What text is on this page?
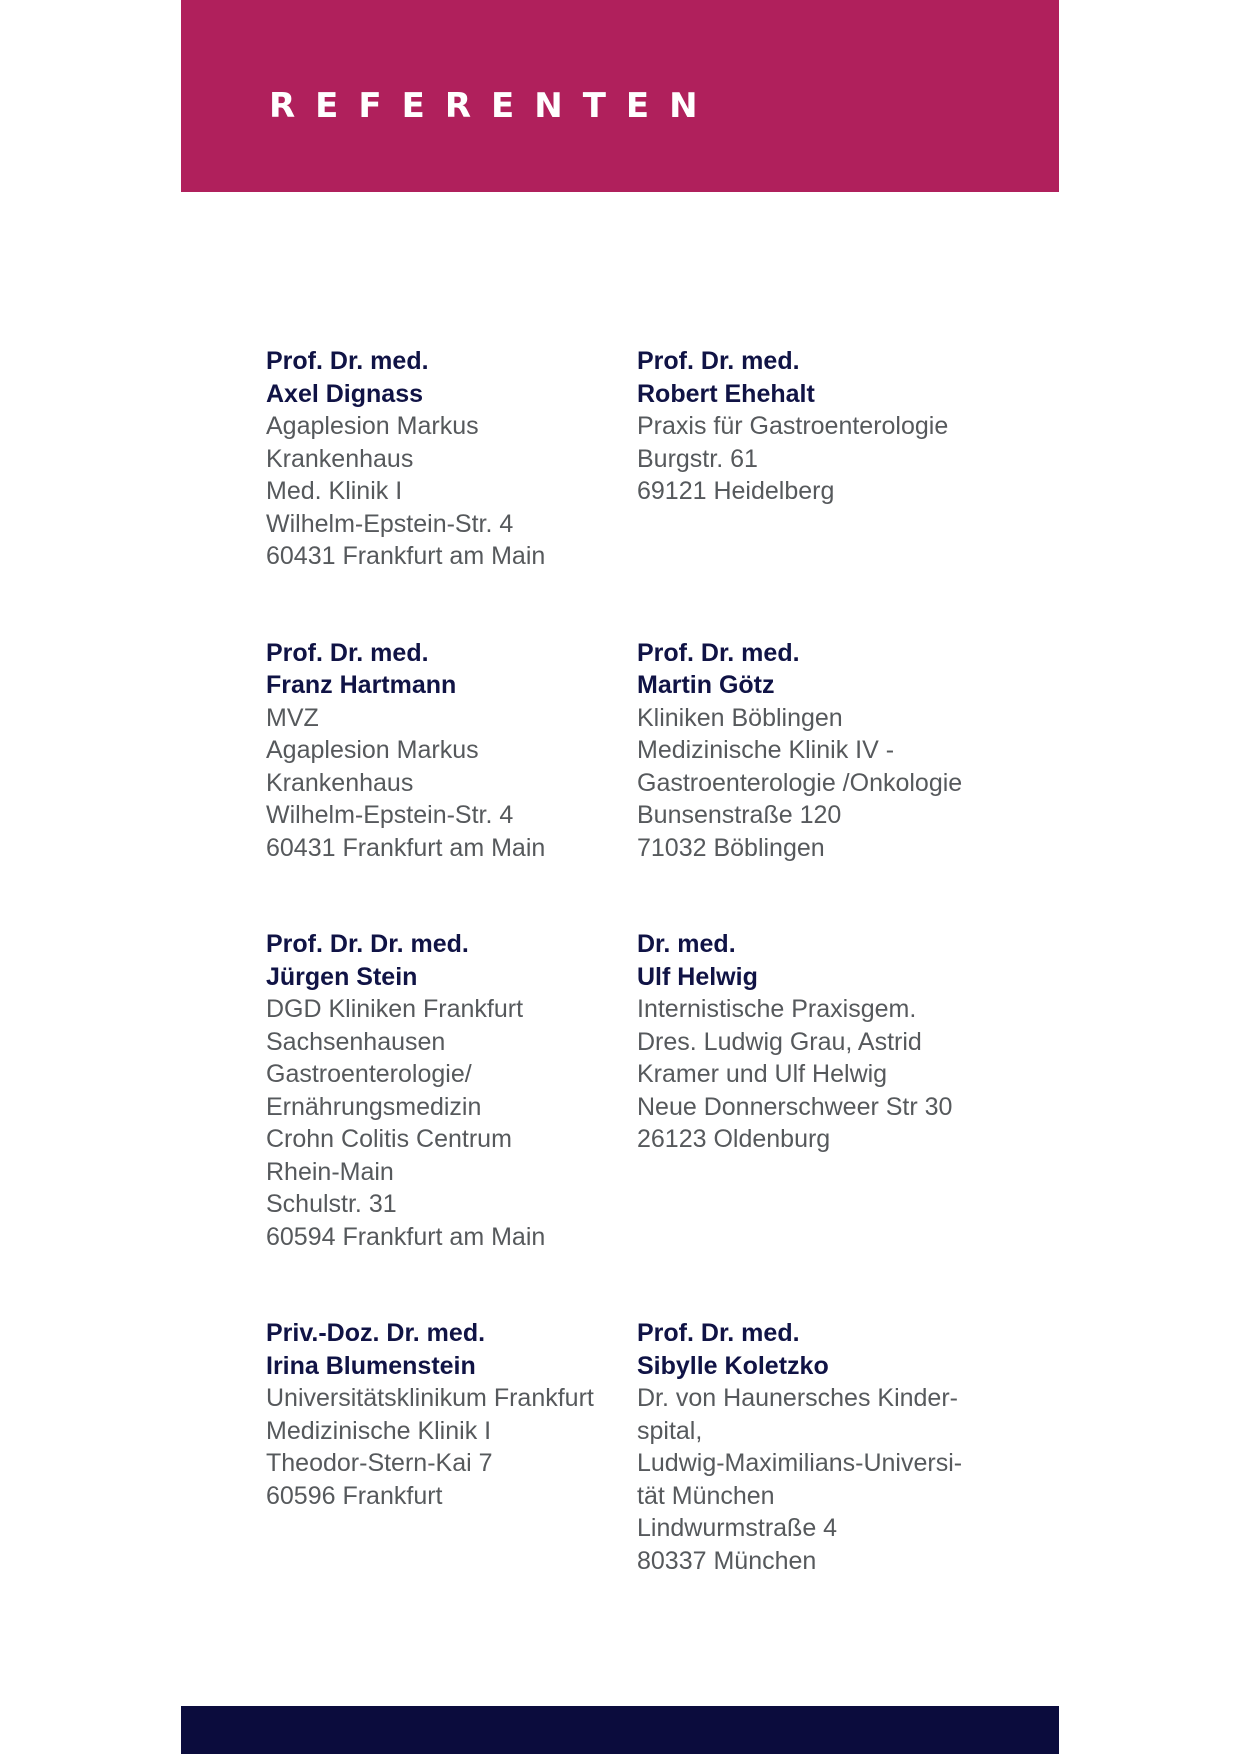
REFERENTEN
Prof. Dr. med.
Axel Dignass
Agaplesion Markus
Krankenhaus
Med. Klinik I
Wilhelm-Epstein-Str. 4
60431 Frankfurt am Main
Prof. Dr. med.
Robert Ehehalt
Praxis für Gastroenterologie
Burgstr. 61
69121 Heidelberg
Prof. Dr. med.
Franz Hartmann
MVZ
Agaplesion Markus
Krankenhaus
Wilhelm-Epstein-Str. 4
60431 Frankfurt am Main
Prof. Dr. med.
Martin Götz
Kliniken Böblingen
Medizinische Klinik IV -
Gastroenterologie /Onkologie
Bunsenstraße 120
71032 Böblingen
Prof. Dr. Dr. med.
Jürgen Stein
DGD Kliniken Frankfurt
Sachsenhausen
Gastroenterologie/
Ernährungsmedizin
Crohn Colitis Centrum
Rhein-Main
Schulstr. 31
60594 Frankfurt am Main
Dr. med.
Ulf Helwig
Internistische Praxisgem.
Dres. Ludwig Grau, Astrid
Kramer und Ulf Helwig
Neue Donnerschweer Str 30
26123 Oldenburg
Priv.-Doz. Dr. med.
Irina Blumenstein
Universitätsklinikum Frankfurt
Medizinische Klinik I
Theodor-Stern-Kai 7
60596 Frankfurt
Prof. Dr. med.
Sibylle Koletzko
Dr. von Haunersches Kinder-
spital,
Ludwig-Maximilians-Universi-
tät München
Lindwurmstraße 4
80337 München
